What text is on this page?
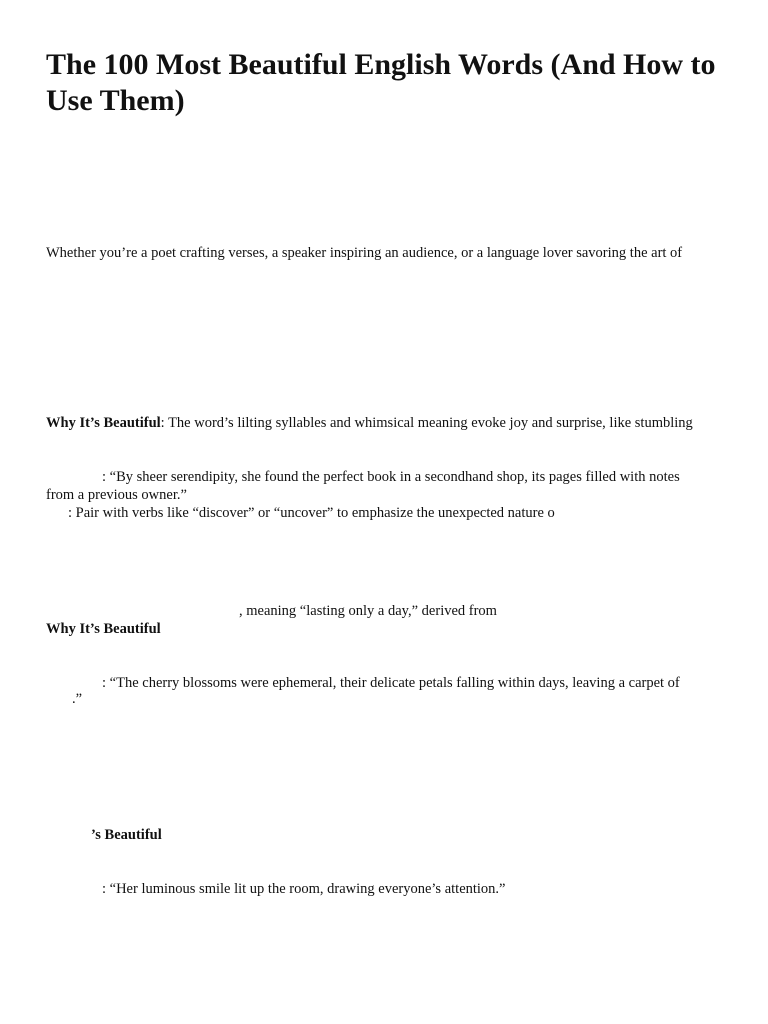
The 100 Most Beautiful English Words (And How to Use Them)
Whether you’re a poet crafting verses, a speaker inspiring an audience, or a language lover savoring the art of
Why It’s Beautiful: The word’s lilting syllables and whimsical meaning evoke joy and surprise, like stumbling
: “By sheer serendipity, she found the perfect book in a secondhand shop, its pages filled with notes
from a previous owner.”
: Pair with verbs like “discover” or “uncover” to emphasize the unexpected nature o
, meaning “lasting only a day,” derived from
Why It’s Beautiful
: “The cherry blossoms were ephemeral, their delicate petals falling within days, leaving a carpet of
.”
’s Beautiful
: “Her luminous smile lit up the room, drawing everyone’s attention.”
